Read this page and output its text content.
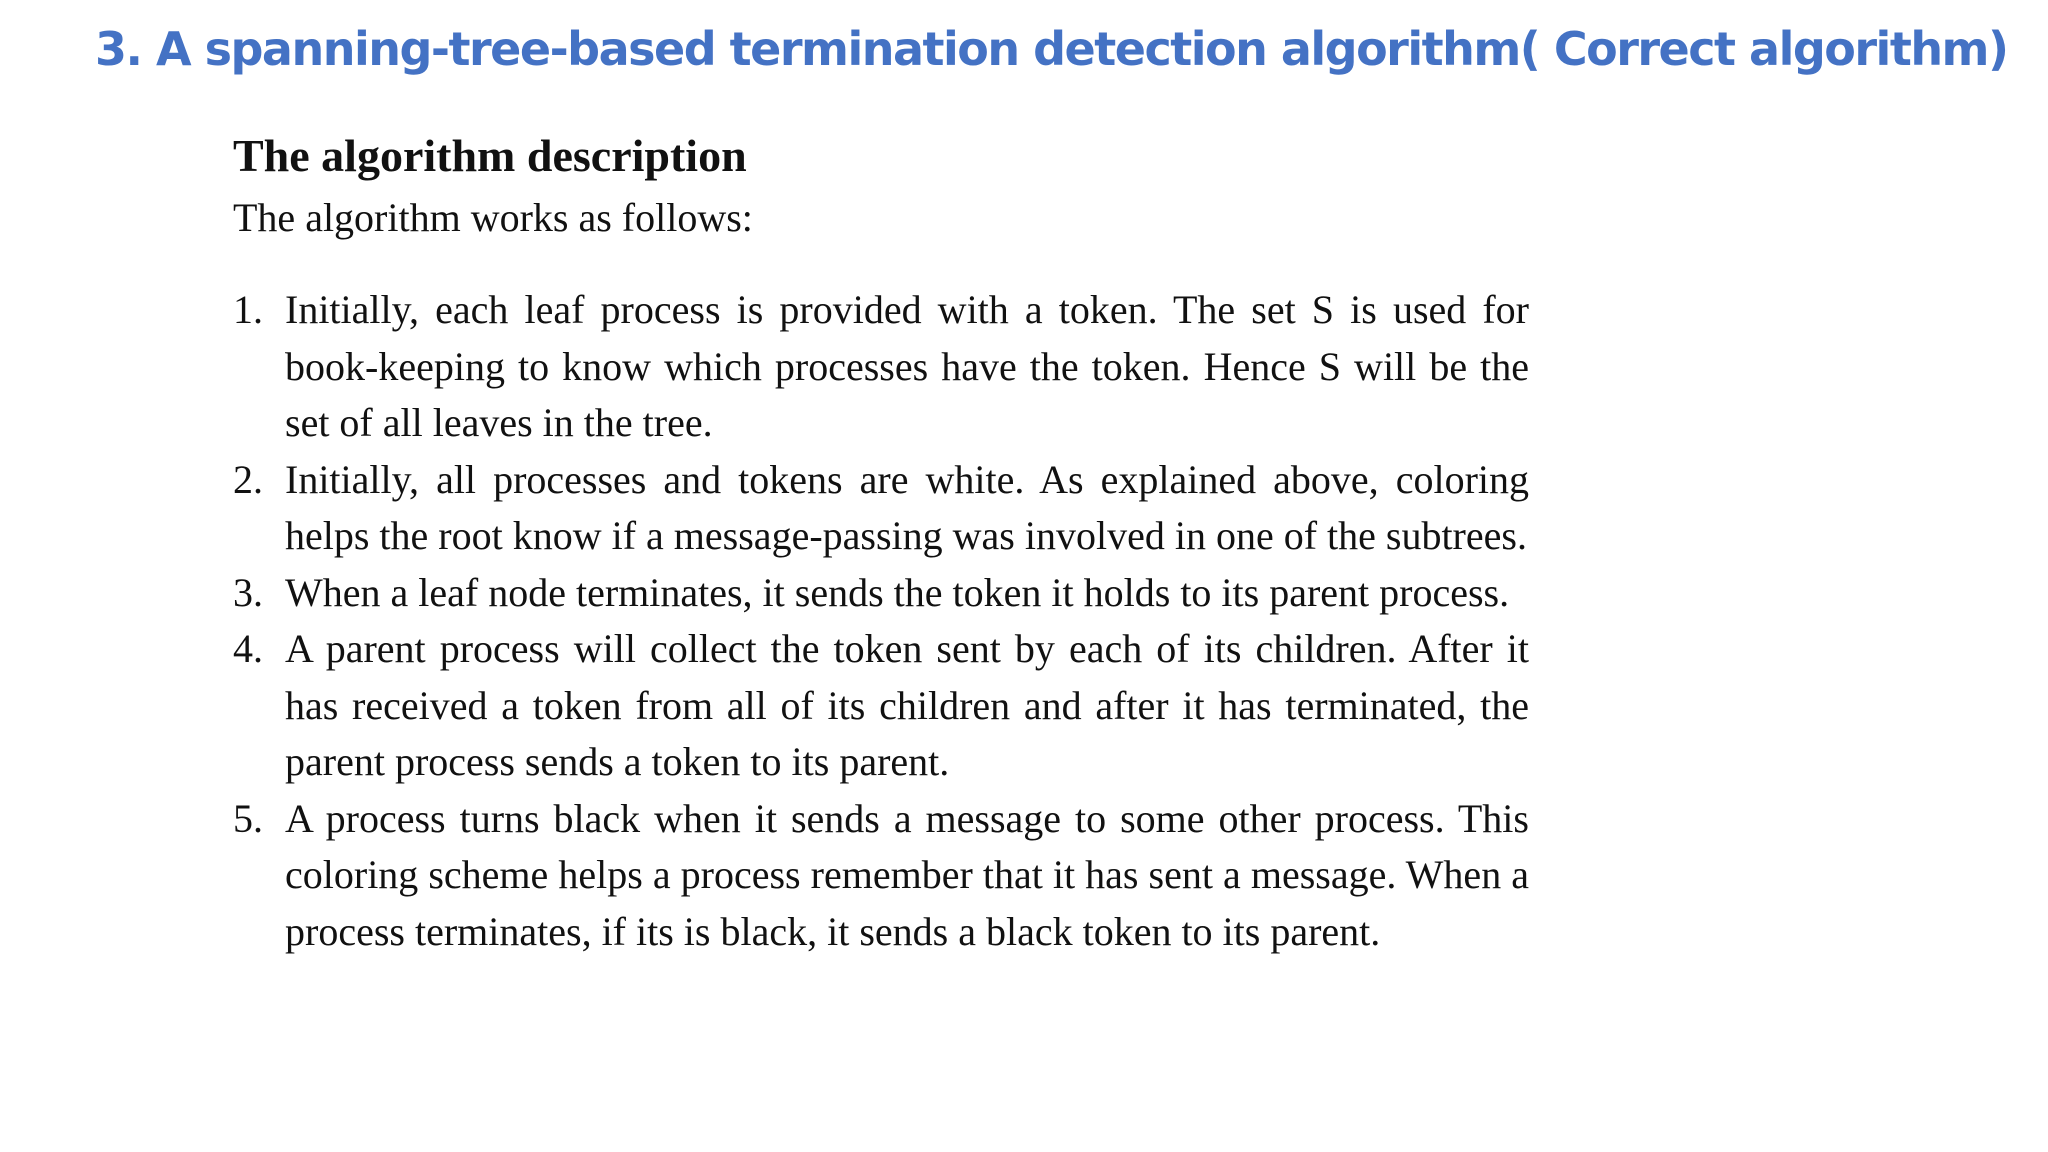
3. A spanning-tree-based termination detection algorithm( Correct algorithm)
The algorithm description
The algorithm works as follows:
1. Initially, each leaf process is provided with a token. The set S is used for book-keeping to know which processes have the token. Hence S will be the set of all leaves in the tree.
2. Initially, all processes and tokens are white. As explained above, coloring helps the root know if a message-passing was involved in one of the subtrees.
3. When a leaf node terminates, it sends the token it holds to its parent process.
4. A parent process will collect the token sent by each of its children. After it has received a token from all of its children and after it has terminated, the parent process sends a token to its parent.
5. A process turns black when it sends a message to some other process. This coloring scheme helps a process remember that it has sent a message. When a process terminates, if its is black, it sends a black token to its parent.
